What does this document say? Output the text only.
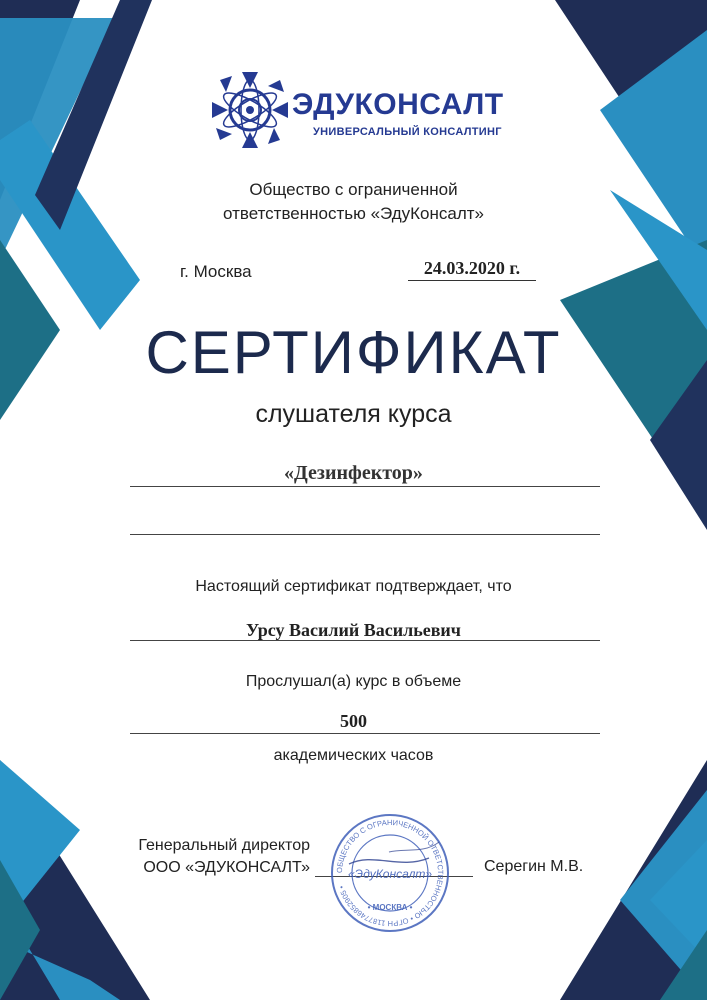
ЭДУКОНСАЛТ
УНИВЕРСАЛЬНЫЙ КОНСАЛТИНГ
Общество с ограниченной
ответственностью «ЭдуКонсалт»
г. Москва	24.03.2020 г.
СЕРТИФИКАТ
слушателя курса
«Дезинфектор»
Настоящий сертификат подтверждает, что
Урсу Василий Васильевич
Прослушал(а) курс в объеме
500
академических часов
Генеральный директор
ООО «ЭДУКОНСАЛТ»	Серегин М.В.
ОБЩЕСТВО С ОГРАНИЧЕННОЙ ОТВЕТСТВЕННОСТЬЮ • ОГРН 1187746852905 •
«ЭдуКонсалт»
• МОСКВА •
